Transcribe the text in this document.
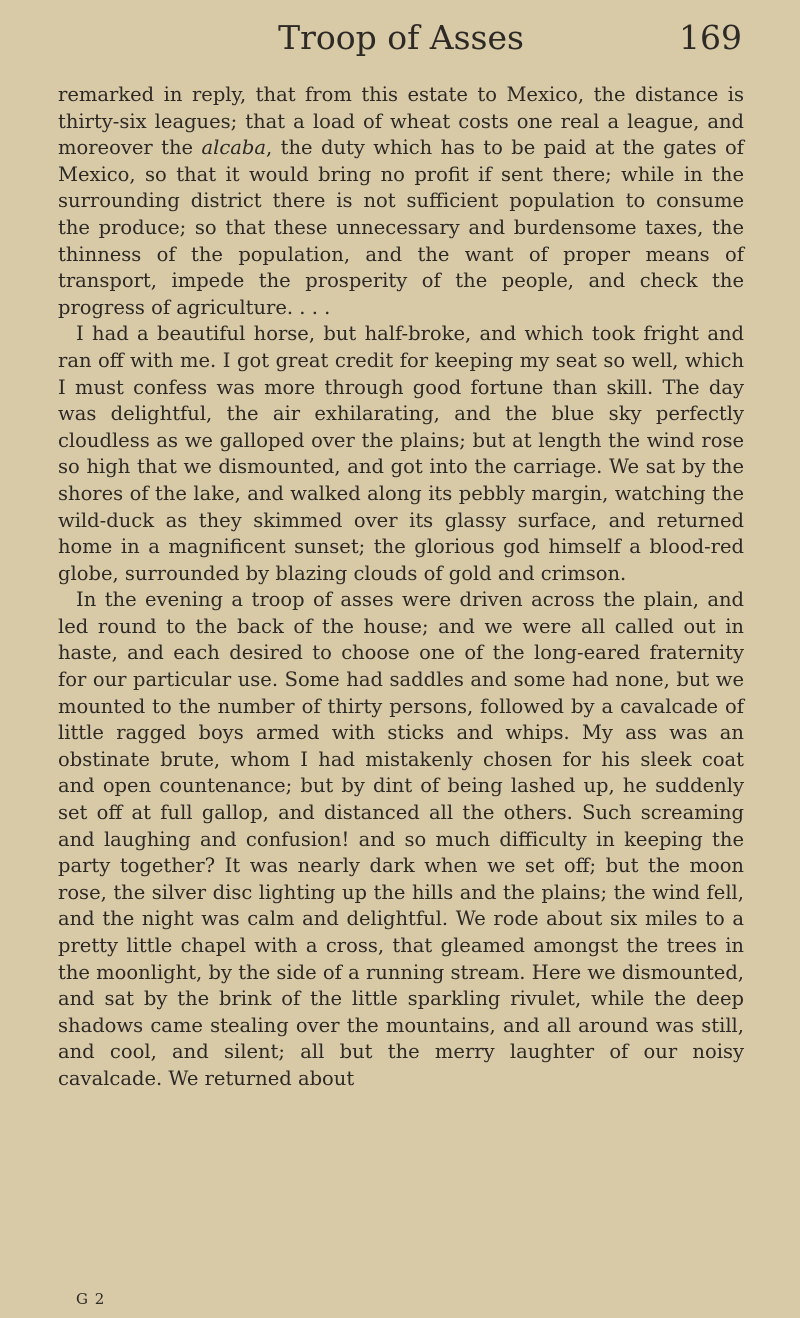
Troop of Asses	169

remarked in reply, that from this estate to Mexico, the distance is thirty-six leagues; that a load of wheat costs one real a league, and moreover the alcaba, the duty which has to be paid at the gates of Mexico, so that it would bring no profit if sent there; while in the surrounding district there is not sufficient population to consume the produce; so that these unnecessary and burdensome taxes, the thinness of the population, and the want of proper means of transport, impede the prosperity of the people, and check the progress of agriculture. . . .

I had a beautiful horse, but half-broke, and which took fright and ran off with me. I got great credit for keeping my seat so well, which I must confess was more through good fortune than skill. The day was delightful, the air exhilarating, and the blue sky perfectly cloudless as we galloped over the plains; but at length the wind rose so high that we dismounted, and got into the carriage. We sat by the shores of the lake, and walked along its pebbly margin, watching the wild-duck as they skimmed over its glassy surface, and returned home in a magnificent sunset; the glorious god himself a blood-red globe, surrounded by blazing clouds of gold and crimson.

In the evening a troop of asses were driven across the plain, and led round to the back of the house; and we were all called out in haste, and each desired to choose one of the long-eared fraternity for our particular use. Some had saddles and some had none, but we mounted to the number of thirty persons, followed by a cavalcade of little ragged boys armed with sticks and whips. My ass was an obstinate brute, whom I had mistakenly chosen for his sleek coat and open countenance; but by dint of being lashed up, he suddenly set off at full gallop, and distanced all the others. Such screaming and laughing and confusion! and so much difficulty in keeping the party together? It was nearly dark when we set off; but the moon rose, the silver disc lighting up the hills and the plains; the wind fell, and the night was calm and delightful. We rode about six miles to a pretty little chapel with a cross, that gleamed amongst the trees in the moonlight, by the side of a running stream. Here we dismounted, and sat by the brink of the little sparkling rivulet, while the deep shadows came stealing over the mountains, and all around was still, and cool, and silent; all but the merry laughter of our noisy cavalcade. We returned about

G 2
